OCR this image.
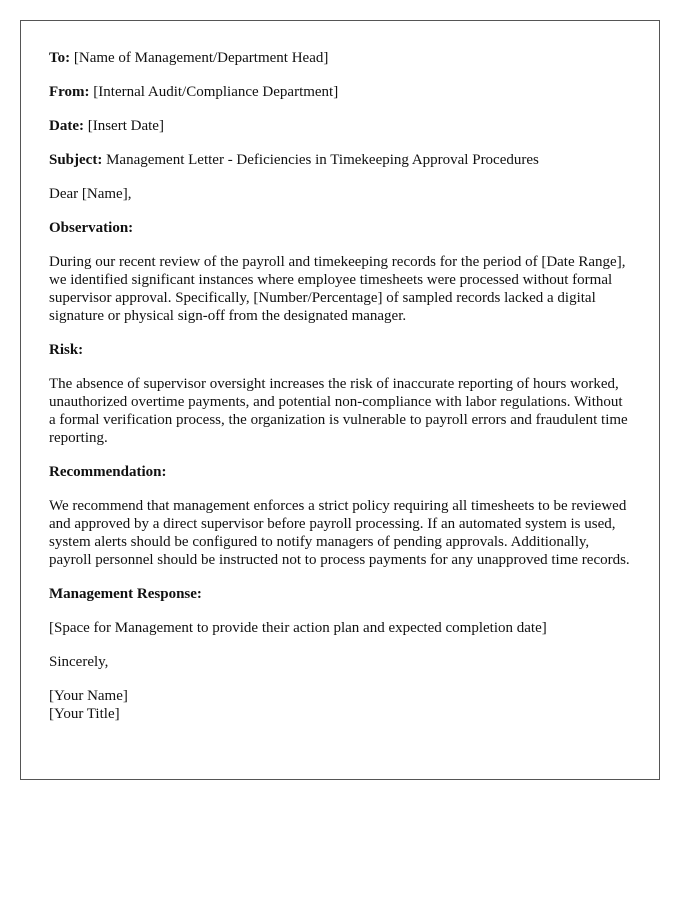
To: [Name of Management/Department Head]

From: [Internal Audit/Compliance Department]

Date: [Insert Date]

Subject: Management Letter - Deficiencies in Timekeeping Approval Procedures

Dear [Name],

Observation:

During our recent review of the payroll and timekeeping records for the period of [Date Range], we identified significant instances where employee timesheets were processed without formal supervisor approval. Specifically, [Number/Percentage] of sampled records lacked a digital signature or physical sign-off from the designated manager.

Risk:

The absence of supervisor oversight increases the risk of inaccurate reporting of hours worked, unauthorized overtime payments, and potential non-compliance with labor regulations. Without a formal verification process, the organization is vulnerable to payroll errors and fraudulent time reporting.

Recommendation:

We recommend that management enforces a strict policy requiring all timesheets to be reviewed and approved by a direct supervisor before payroll processing. If an automated system is used, system alerts should be configured to notify managers of pending approvals. Additionally, payroll personnel should be instructed not to process payments for any unapproved time records.

Management Response:

[Space for Management to provide their action plan and expected completion date]

Sincerely,

[Your Name]

[Your Title]
